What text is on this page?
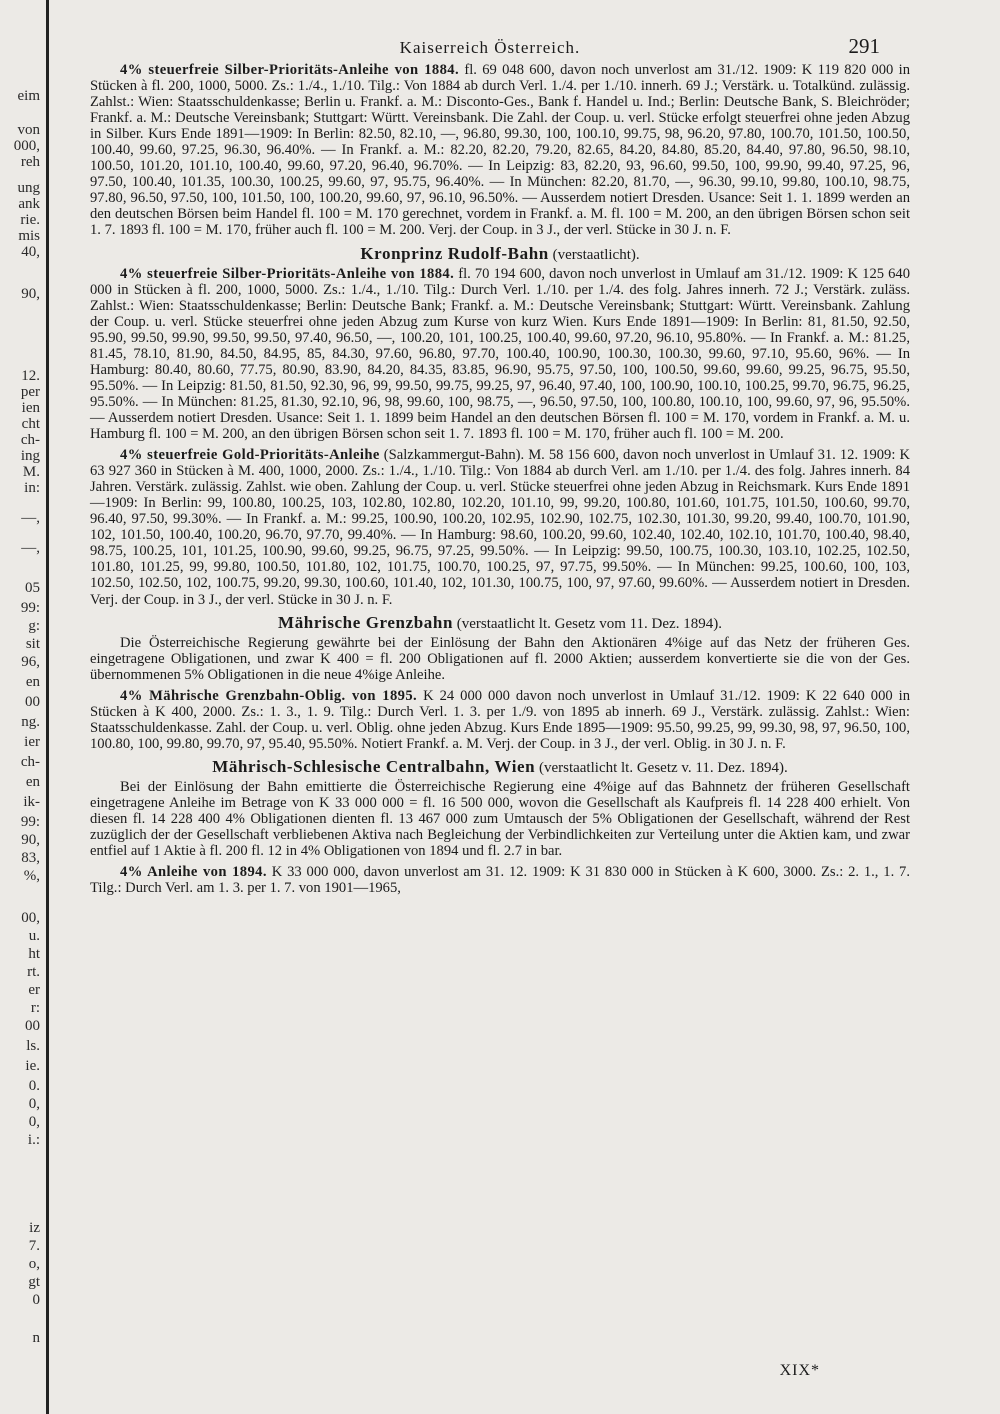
eim
von
000,
reh
ung
ank
rie.
mis
40,
90,
12.
per
ien
cht
ch-
ing
M.
in:
—,
—,
05
99:
g:
sit
96,
en
00
ng.
ier
ch-
en
ik-
99:
90,
83,
%,
00,
u.
ht
rt.
er
r:
00
ls.
ie.
0.
0,
0,
i.:
iz
7.
o,
gt
0
n
Kaiserreich Österreich.	291

4% steuerfreie Silber-Prioritäts-Anleihe von 1884. fl. 69 048 600, davon noch unverlost am 31./12. 1909: K 119 820 000 in Stücken à fl. 200, 1000, 5000. Zs.: 1./4., 1./10. Tilg.: Von 1884 ab durch Verl. 1./4. per 1./10. innerh. 69 J.; Verstärk. u. Totalkünd. zulässig. Zahlst.: Wien: Staatsschuldenkasse; Berlin u. Frankf. a. M.: Disconto-Ges., Bank f. Handel u. Ind.; Berlin: Deutsche Bank, S. Bleichröder; Frankf. a. M.: Deutsche Vereinsbank; Stuttgart: Württ. Vereinsbank. Die Zahl. der Coup. u. verl. Stücke erfolgt steuerfrei ohne jeden Abzug in Silber. Kurs Ende 1891—1909: In Berlin: 82.50, 82.10, —, 96.80, 99.30, 100, 100.10, 99.75, 98, 96.20, 97.80, 100.70, 101.50, 100.50, 100.40, 99.60, 97.25, 96.30, 96.40%. — In Frankf. a. M.: 82.20, 82.20, 79.20, 82.65, 84.20, 84.80, 85.20, 84.40, 97.80, 96.50, 98.10, 100.50, 101.20, 101.10, 100.40, 99.60, 97.20, 96.40, 96.70%. — In Leipzig: 83, 82.20, 93, 96.60, 99.50, 100, 99.90, 99.40, 97.25, 96, 97.50, 100.40, 101.35, 100.30, 100.25, 99.60, 97, 95.75, 96.40%. — In München: 82.20, 81.70, —, 96.30, 99.10, 99.80, 100.10, 98.75, 97.80, 96.50, 97.50, 100, 101.50, 100, 100.20, 99.60, 97, 96.10, 96.50%. — Ausserdem notiert Dresden. Usance: Seit 1. 1. 1899 werden an den deutschen Börsen beim Handel fl. 100 = M. 170 gerechnet, vordem in Frankf. a. M. fl. 100 = M. 200, an den übrigen Börsen schon seit 1. 7. 1893 fl. 100 = M. 170, früher auch fl. 100 = M. 200. Verj. der Coup. in 3 J., der verl. Stücke in 30 J. n. F.

Kronprinz Rudolf-Bahn (verstaatlicht).

4% steuerfreie Silber-Prioritäts-Anleihe von 1884. fl. 70 194 600, davon noch unverlost in Umlauf am 31./12. 1909: K 125 640 000 in Stücken à fl. 200, 1000, 5000. Zs.: 1./4., 1./10. Tilg.: Durch Verl. 1./10. per 1./4. des folg. Jahres innerh. 72 J.; Verstärk. zuläss. Zahlst.: Wien: Staatsschuldenkasse; Berlin: Deutsche Bank; Frankf. a. M.: Deutsche Vereinsbank; Stuttgart: Württ. Vereinsbank. Zahlung der Coup. u. verl. Stücke steuerfrei ohne jeden Abzug zum Kurse von kurz Wien. Kurs Ende 1891—1909: In Berlin: 81, 81.50, 92.50, 95.90, 99.50, 99.90, 99.50, 99.50, 97.40, 96.50, —, 100.20, 101, 100.25, 100.40, 99.60, 97.20, 96.10, 95.80%. — In Frankf. a. M.: 81.25, 81.45, 78.10, 81.90, 84.50, 84.95, 85, 84.30, 97.60, 96.80, 97.70, 100.40, 100.90, 100.30, 100.30, 99.60, 97.10, 95.60, 96%. — In Hamburg: 80.40, 80.60, 77.75, 80.90, 83.90, 84.20, 84.35, 83.85, 96.90, 95.75, 97.50, 100, 100.50, 99.60, 99.60, 99.25, 96.75, 95.50, 95.50%. — In Leipzig: 81.50, 81.50, 92.30, 96, 99, 99.50, 99.75, 99.25, 97, 96.40, 97.40, 100, 100.90, 100.10, 100.25, 99.70, 96.75, 96.25, 95.50%. — In München: 81.25, 81.30, 92.10, 96, 98, 99.60, 100, 98.75, —, 96.50, 97.50, 100, 100.80, 100.10, 100, 99.60, 97, 96, 95.50%. — Ausserdem notiert Dresden. Usance: Seit 1. 1. 1899 beim Handel an den deutschen Börsen fl. 100 = M. 170, vordem in Frankf. a. M. u. Hamburg fl. 100 = M. 200, an den übrigen Börsen schon seit 1. 7. 1893 fl. 100 = M. 170, früher auch fl. 100 = M. 200.

4% steuerfreie Gold-Prioritäts-Anleihe (Salzkammergut-Bahn). M. 58 156 600, davon noch unverlost in Umlauf 31. 12. 1909: K 63 927 360 in Stücken à M. 400, 1000, 2000. Zs.: 1./4., 1./10. Tilg.: Von 1884 ab durch Verl. am 1./10. per 1./4. des folg. Jahres innerh. 84 Jahren. Verstärk. zulässig. Zahlst. wie oben. Zahlung der Coup. u. verl. Stücke steuerfrei ohne jeden Abzug in Reichsmark. Kurs Ende 1891—1909: In Berlin: 99, 100.80, 100.25, 103, 102.80, 102.80, 102.20, 101.10, 99, 99.20, 100.80, 101.60, 101.75, 101.50, 100.60, 99.70, 96.40, 97.50, 99.30%. — In Frankf. a. M.: 99.25, 100.90, 100.20, 102.95, 102.90, 102.75, 102.30, 101.30, 99.20, 99.40, 100.70, 101.90, 102, 101.50, 100.40, 100.20, 96.70, 97.70, 99.40%. — In Hamburg: 98.60, 100.20, 99.60, 102.40, 102.40, 102.10, 101.70, 100.40, 98.40, 98.75, 100.25, 101, 101.25, 100.90, 99.60, 99.25, 96.75, 97.25, 99.50%. — In Leipzig: 99.50, 100.75, 100.30, 103.10, 102.25, 102.50, 101.80, 101.25, 99, 99.80, 100.50, 101.80, 102, 101.75, 100.70, 100.25, 97, 97.75, 99.50%. — In München: 99.25, 100.60, 100, 103, 102.50, 102.50, 102, 100.75, 99.20, 99.30, 100.60, 101.40, 102, 101.30, 100.75, 100, 97, 97.60, 99.60%. — Ausserdem notiert in Dresden. Verj. der Coup. in 3 J., der verl. Stücke in 30 J. n. F.

Mährische Grenzbahn (verstaatlicht lt. Gesetz vom 11. Dez. 1894).

Die Österreichische Regierung gewährte bei der Einlösung der Bahn den Aktionären 4%ige auf das Netz der früheren Ges. eingetragene Obligationen, und zwar K 400 = fl. 200 Obligationen auf fl. 2000 Aktien; ausserdem konvertierte sie die von der Ges. übernommenen 5% Obligationen in die neue 4%ige Anleihe.

4% Mährische Grenzbahn-Oblig. von 1895. K 24 000 000 davon noch unverlost in Umlauf 31./12. 1909: K 22 640 000 in Stücken à K 400, 2000. Zs.: 1. 3., 1. 9. Tilg.: Durch Verl. 1. 3. per 1./9. von 1895 ab innerh. 69 J., Verstärk. zulässig. Zahlst.: Wien: Staatsschuldenkasse. Zahl. der Coup. u. verl. Oblig. ohne jeden Abzug. Kurs Ende 1895—1909: 95.50, 99.25, 99, 99.30, 98, 97, 96.50, 100, 100.80, 100, 99.80, 99.70, 97, 95.40, 95.50%. Notiert Frankf. a. M. Verj. der Coup. in 3 J., der verl. Oblig. in 30 J. n. F.

Mährisch-Schlesische Centralbahn, Wien (verstaatlicht lt. Gesetz v. 11. Dez. 1894).

Bei der Einlösung der Bahn emittierte die Österreichische Regierung eine 4%ige auf das Bahnnetz der früheren Gesellschaft eingetragene Anleihe im Betrage von K 33 000 000 = fl. 16 500 000, wovon die Gesellschaft als Kaufpreis fl. 14 228 400 erhielt. Von diesen fl. 14 228 400 4% Obligationen dienten fl. 13 467 000 zum Umtausch der 5% Obligationen der Gesellschaft, während der Rest zuzüglich der der Gesellschaft verbliebenen Aktiva nach Begleichung der Verbindlichkeiten zur Verteilung unter die Aktien kam, und zwar entfiel auf 1 Aktie à fl. 200 fl. 12 in 4% Obligationen von 1894 und fl. 2.7 in bar.

4% Anleihe von 1894. K 33 000 000, davon unverlost am 31. 12. 1909: K 31 830 000 in Stücken à K 600, 3000. Zs.: 2. 1., 1. 7. Tilg.: Durch Verl. am 1. 3. per 1. 7. von 1901—1965,

XIX*
